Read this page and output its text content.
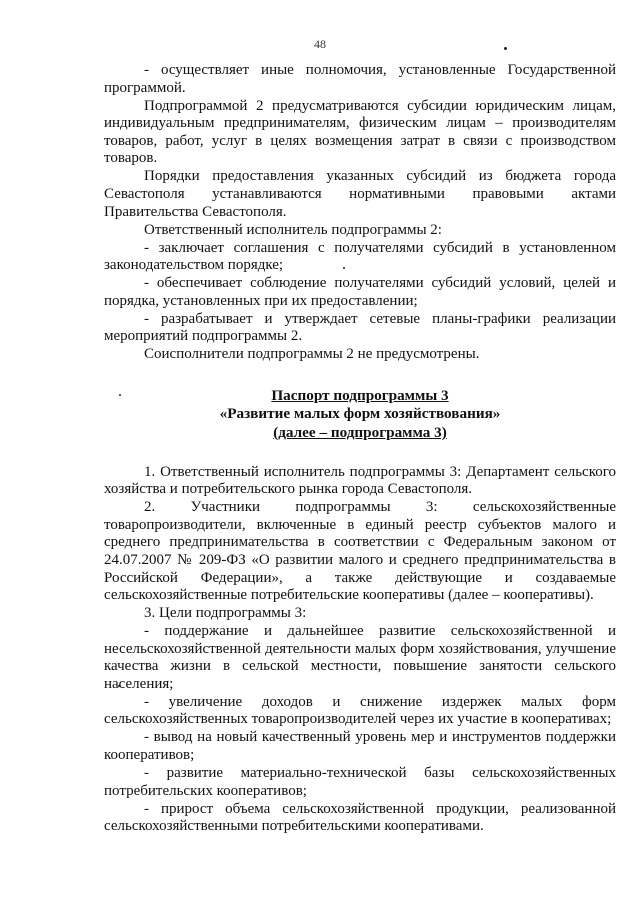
48

- осуществляет иные полномочия, установленные Государственной программой.

Подпрограммой 2 предусматриваются субсидии юридическим лицам, индивидуальным предпринимателям, физическим лицам – производителям товаров, работ, услуг в целях возмещения затрат в связи с производством товаров.

Порядки предоставления указанных субсидий из бюджета города Севастополя устанавливаются нормативными правовыми актами Правительства Севастополя.

Ответственный исполнитель подпрограммы 2:

- заключает соглашения с получателями субсидий в установленном законодательством порядке;

- обеспечивает соблюдение получателями субсидий условий, целей и порядка, установленных при их предоставлении;

- разрабатывает и утверждает сетевые планы-графики реализации мероприятий подпрограммы 2.

Соисполнители подпрограммы 2 не предусмотрены.

Паспорт подпрограммы 3
«Развитие малых форм хозяйствования»
(далее – подпрограмма 3)

1. Ответственный исполнитель подпрограммы 3: Департамент сельского хозяйства и потребительского рынка города Севастополя.

2. Участники подпрограммы 3: сельскохозяйственные товаропроизводители, включенные в единый реестр субъектов малого и среднего предпринимательства в соответствии с Федеральным законом от 24.07.2007 № 209-ФЗ «О развитии малого и среднего предпринимательства в Российской Федерации», а также действующие и создаваемые сельскохозяйственные потребительские кооперативы (далее – кооперативы).

3. Цели подпрограммы 3:

- поддержание и дальнейшее развитие сельскохозяйственной и несельскохозяйственной деятельности малых форм хозяйствования, улучшение качества жизни в сельской местности, повышение занятости сельского населения;

- увеличение доходов и снижение издержек малых форм сельскохозяйственных товаропроизводителей через их участие в кооперативах;

- вывод на новый качественный уровень мер и инструментов поддержки кооперативов;

- развитие материально-технической базы сельскохозяйственных потребительских кооперативов;

- прирост объема сельскохозяйственной продукции, реализованной сельскохозяйственными потребительскими кооперативами.
